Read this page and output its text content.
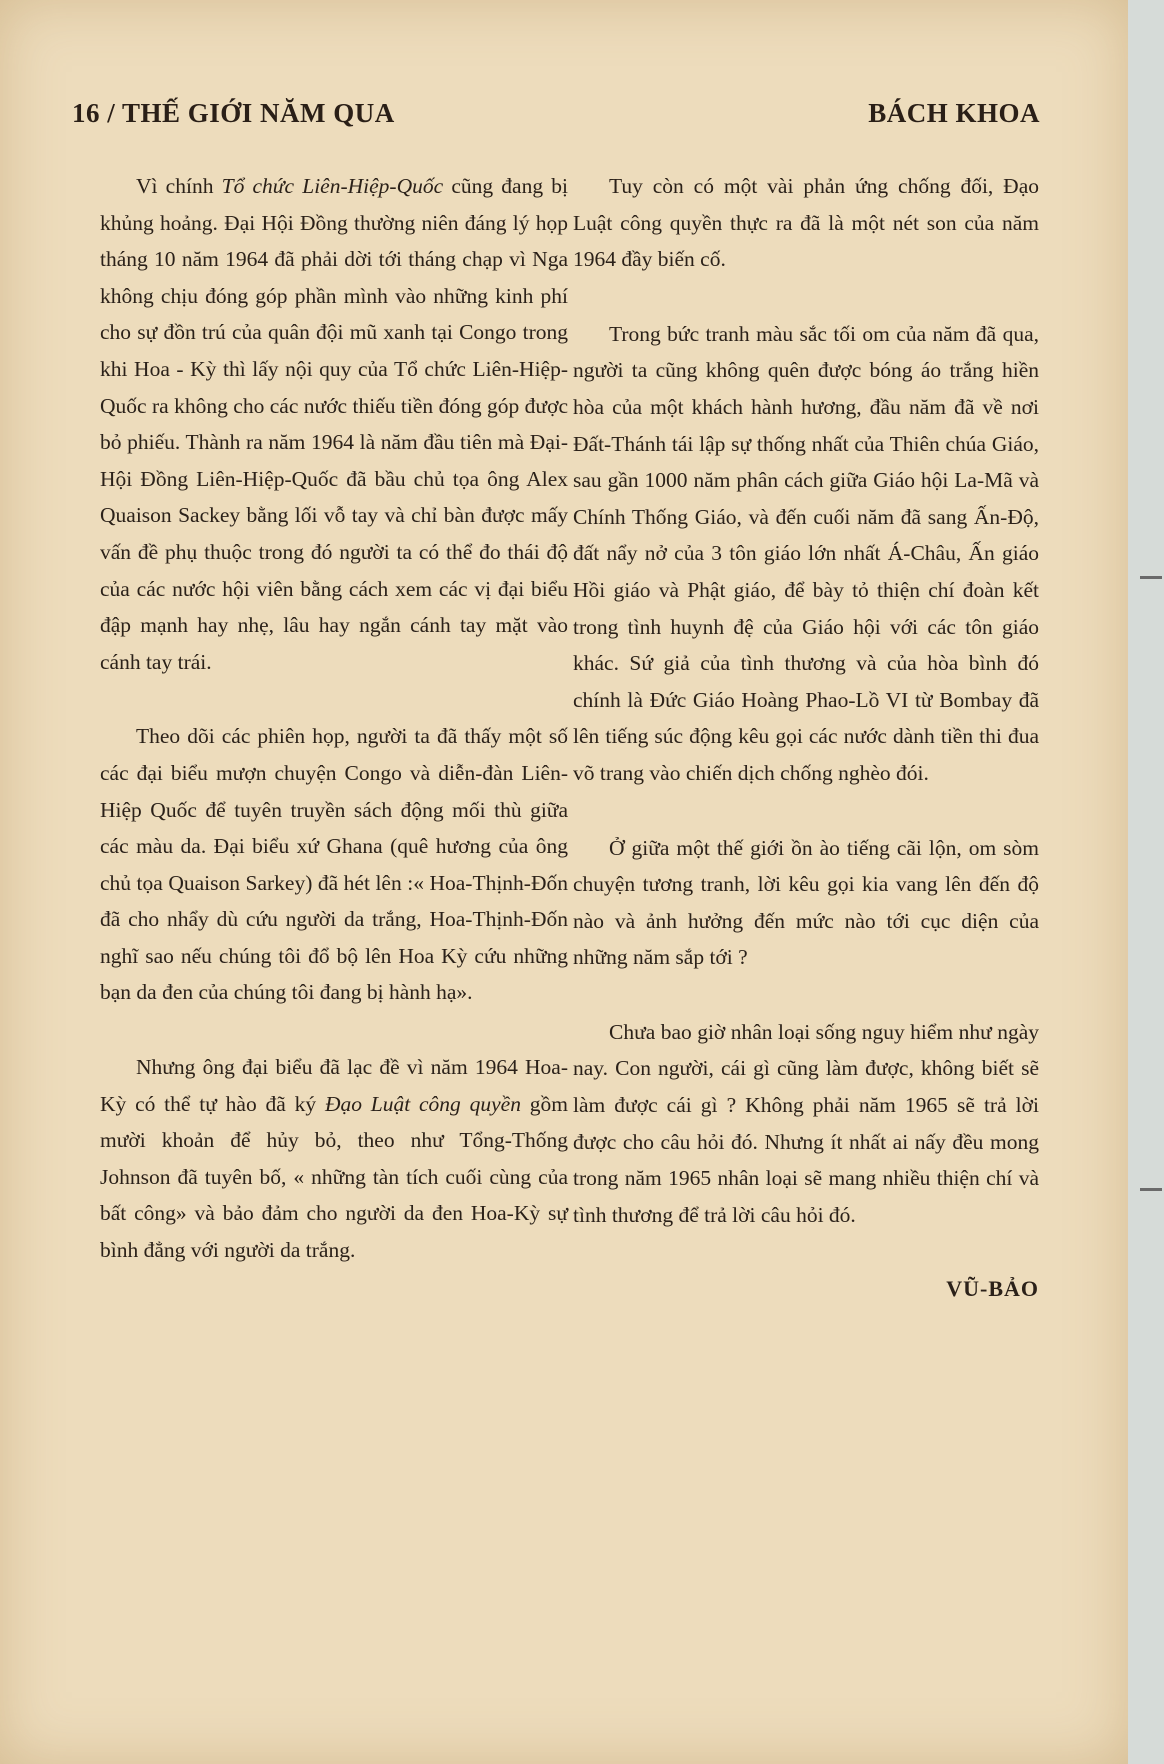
16 / THẾ GIỚI NĂM QUA	BÁCH KHOA

Vì chính Tổ chức Liên-Hiệp-Quốc cũng đang bị khủng hoảng. Đại Hội Đồng thường niên đáng lý họp tháng 10 năm 1964 đã phải dời tới tháng chạp vì Nga không chịu đóng góp phần mình vào những kinh phí cho sự đồn trú của quân đội mũ xanh tại Congo trong khi Hoa - Kỳ thì lấy nội quy của Tổ chức Liên-Hiệp-Quốc ra không cho các nước thiếu tiền đóng góp được bỏ phiếu. Thành ra năm 1964 là năm đầu tiên mà Đại-Hội Đồng Liên-Hiệp-Quốc đã bầu chủ tọa ông Alex Quaison Sackey bằng lối vỗ tay và chỉ bàn được mấy vấn đề phụ thuộc trong đó người ta có thể đo thái độ của các nước hội viên bằng cách xem các vị đại biểu đập mạnh hay nhẹ, lâu hay ngắn cánh tay mặt vào cánh tay trái.

Theo dõi các phiên họp, người ta đã thấy một số các đại biểu mượn chuyện Congo và diễn-đàn Liên-Hiệp Quốc để tuyên truyền sách động mối thù giữa các màu da. Đại biểu xứ Ghana (quê hương của ông chủ tọa Quaison Sarkey) đã hét lên :« Hoa-Thịnh-Đốn đã cho nhẩy dù cứu người da trắng, Hoa-Thịnh-Đốn nghĩ sao nếu chúng tôi đổ bộ lên Hoa Kỳ cứu những bạn da đen của chúng tôi đang bị hành hạ».

Nhưng ông đại biểu đã lạc đề vì năm 1964 Hoa-Kỳ có thể tự hào đã ký Đạo Luật công quyền gồm mười khoản để hủy bỏ, theo như Tổng-Thống Johnson đã tuyên bố, « những tàn tích cuối cùng của bất công» và bảo đảm cho người da đen Hoa-Kỳ sự bình đẳng với người da trắng.

Tuy còn có một vài phản ứng chống đối, Đạo Luật công quyền thực ra đã là một nét son của năm 1964 đầy biến cố.

Trong bức tranh màu sắc tối om của năm đã qua, người ta cũng không quên được bóng áo trắng hiền hòa của một khách hành hương, đầu năm đã về nơi Đất-Thánh tái lập sự thống nhất của Thiên chúa Giáo, sau gần 1000 năm phân cách giữa Giáo hội La-Mã và Chính Thống Giáo, và đến cuối năm đã sang Ấn-Độ, đất nẩy nở của 3 tôn giáo lớn nhất Á-Châu, Ấn giáo Hồi giáo và Phật giáo, để bày tỏ thiện chí đoàn kết trong tình huynh đệ của Giáo hội với các tôn giáo khác. Sứ giả của tình thương và của hòa bình đó chính là Đức Giáo Hoàng Phao-Lồ VI từ Bombay đã lên tiếng súc động kêu gọi các nước dành tiền thi đua võ trang vào chiến dịch chống nghèo đói.

Ở giữa một thế giới ồn ào tiếng cãi lộn, om sòm chuyện tương tranh, lời kêu gọi kia vang lên đến độ nào và ảnh hưởng đến mức nào tới cục diện của những năm sắp tới ?

Chưa bao giờ nhân loại sống nguy hiểm như ngày nay. Con người, cái gì cũng làm được, không biết sẽ làm được cái gì ? Không phải năm 1965 sẽ trả lời được cho câu hỏi đó. Nhưng ít nhất ai nấy đều mong trong năm 1965 nhân loại sẽ mang nhiều thiện chí và tình thương để trả lời câu hỏi đó.

VŨ-BẢO
